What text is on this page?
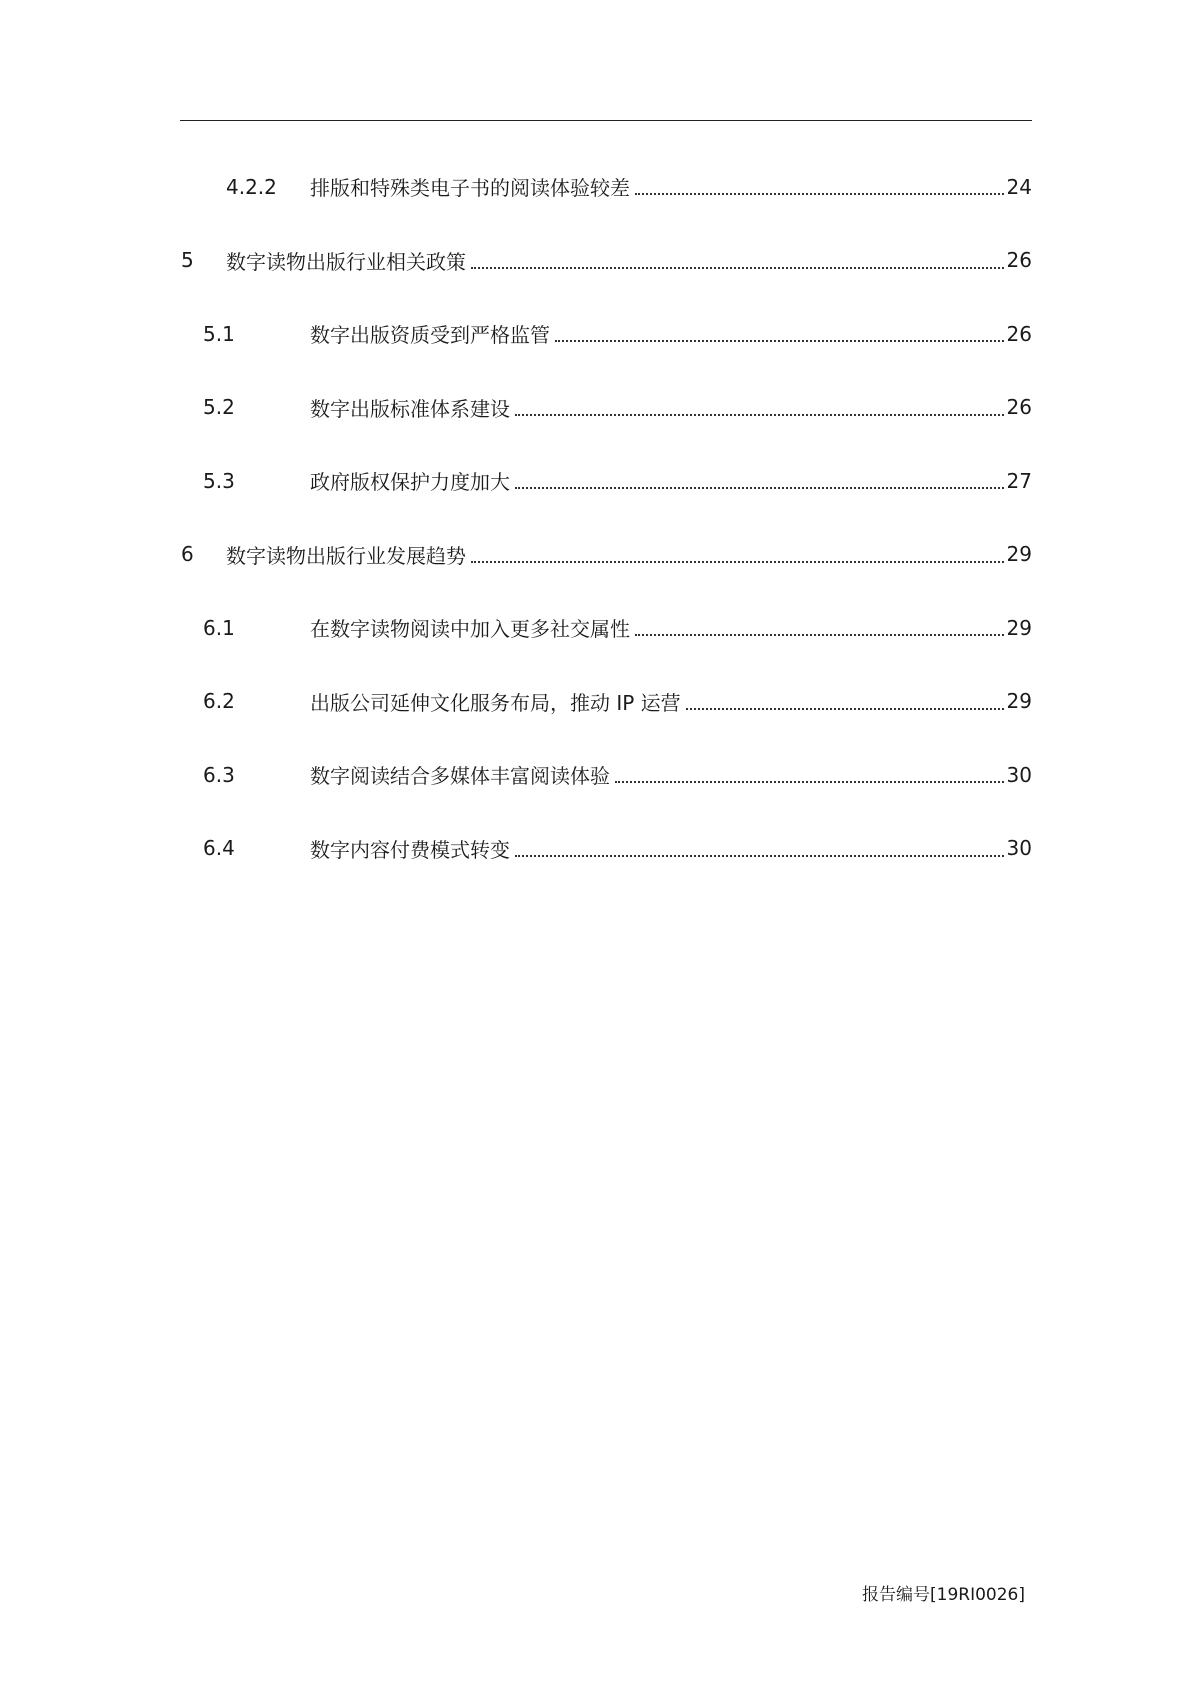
4.2.2 排版和特殊类电子书的阅读体验较差	24
5 数字读物出版行业相关政策	26
5.1	数字出版资质受到严格监管	26
5.2	数字出版标准体系建设	26
5.3	政府版权保护力度加大	27
6 数字读物出版行业发展趋势	29
6.1	在数字读物阅读中加入更多社交属性	29
6.2	出版公司延伸文化服务布局，推动 IP 运营	29
6.3	数字阅读结合多媒体丰富阅读体验	30
6.4	数字内容付费模式转变	30
报告编号[19RI0026]
